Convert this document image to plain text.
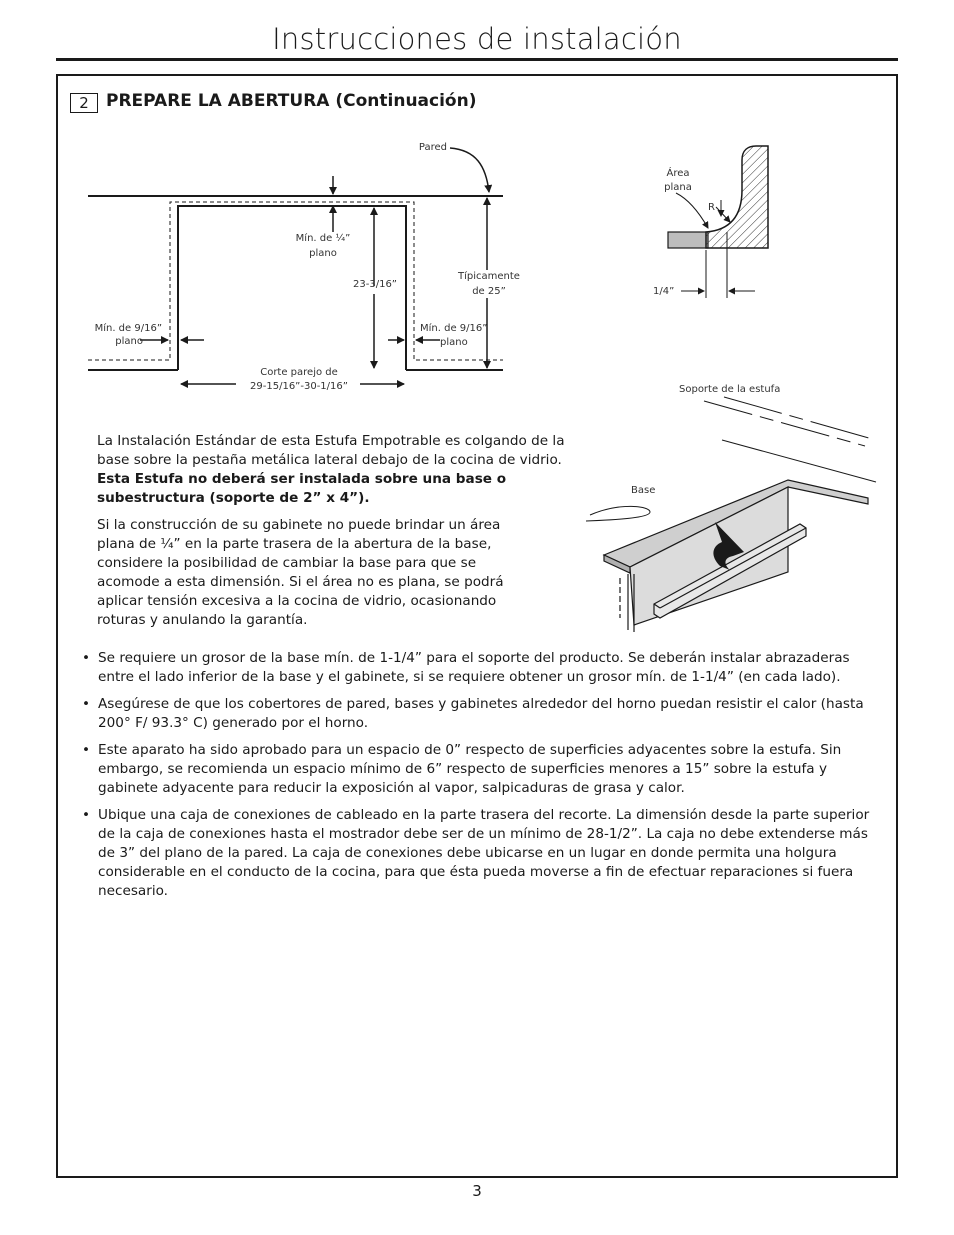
Instrucciones de instalación
2	PREPARE LA ABERTURA (Continuación)
Pared
Mín. de ¼”
plano
23-3/16”
Típicamente
de 25”
Mín. de 9/16”
plano
Mín. de 9/16”
plano
Corte parejo de
29-15/16”-30-1/16”
Área
plana
R
1/4”
Soporte de la estufa
Base

La Instalación Estándar de esta Estufa Empotrable es colgando de la base sobre la pestaña metálica lateral debajo de la cocina de vidrio. Esta Estufa no deberá ser instalada sobre una base o subestructura (soporte de 2” x 4”).

Si la construcción de su gabinete no puede brindar un área plana de ¼” en la parte trasera de la abertura de la base, considere la posibilidad de cambiar la base para que se acomode a esta dimensión. Si el área no es plana, se podrá aplicar tensión excesiva a la cocina de vidrio, ocasionando roturas y anulando la garantía.

• Se requiere un grosor de la base mín. de 1-1/4” para el soporte del producto. Se deberán instalar abrazaderas entre el lado inferior de la base y el gabinete, si se requiere obtener un grosor mín. de 1-1/4” (en cada lado).
• Asegúrese de que los cobertores de pared, bases y gabinetes alrededor del horno puedan resistir el calor (hasta 200° F/ 93.3° C) generado por el horno.
• Este aparato ha sido aprobado para un espacio de 0” respecto de superficies adyacentes sobre la estufa. Sin embargo, se recomienda un espacio mínimo de 6” respecto de superficies menores a 15” sobre la estufa y gabinete adyacente para reducir la exposición al vapor, salpicaduras de grasa y calor.
• Ubique una caja de conexiones de cableado en la parte trasera del recorte. La dimensión desde la parte superior de la caja de conexiones hasta el mostrador debe ser de un mínimo de 28-1/2”. La caja no debe extenderse más de 3” del plano de la pared. La caja de conexiones debe ubicarse en un lugar en donde permita una holgura considerable en el conducto de la cocina, para que ésta pueda moverse a fin de efectuar reparaciones si fuera necesario.
3
